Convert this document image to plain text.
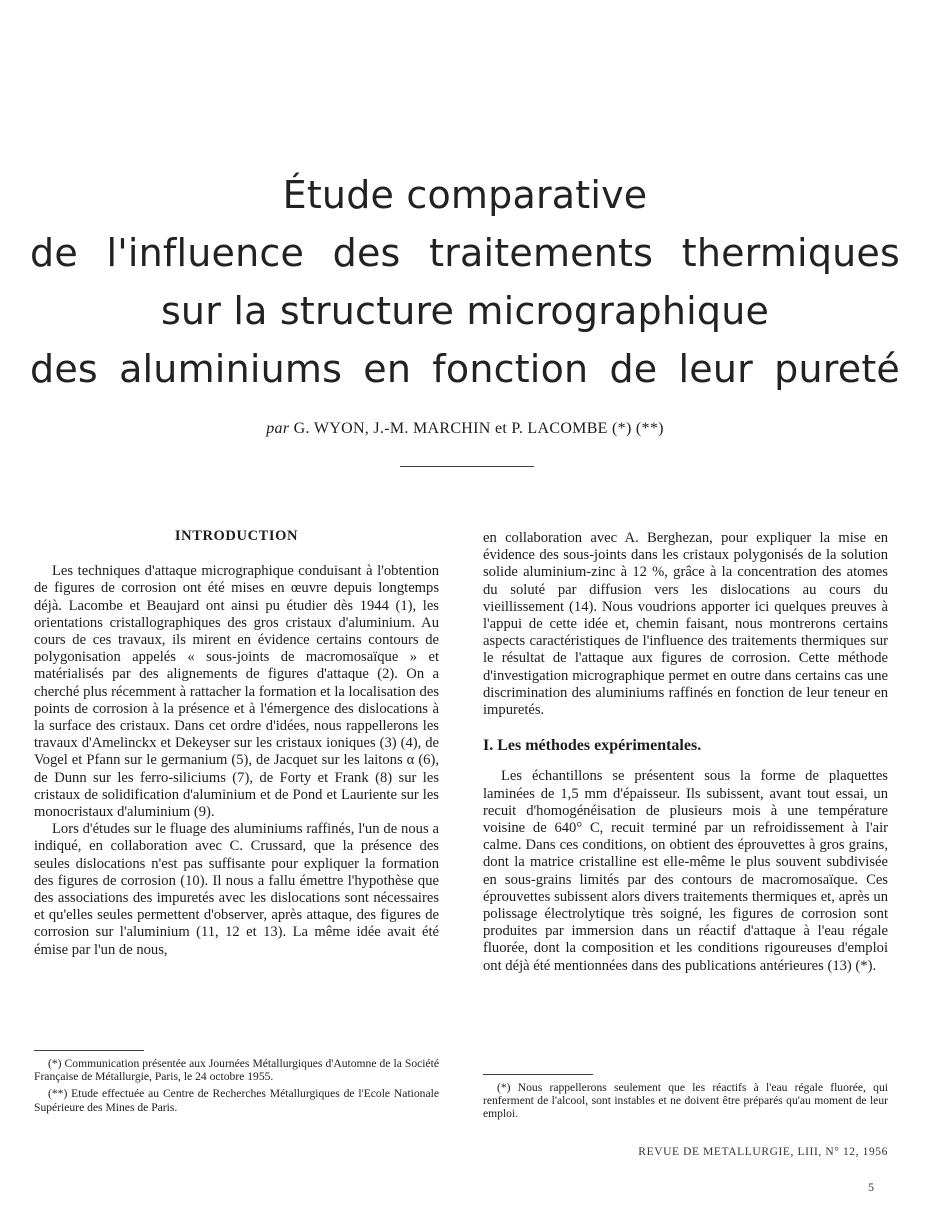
Étude comparative
de l'influence des traitements thermiques
sur la structure micrographique
des aluminiums en fonction de leur pureté
par G. WYON, J.-M. MARCHIN et P. LACOMBE (*) (**)
INTRODUCTION

Les techniques d'attaque micrographique conduisant à l'obtention de figures de corrosion ont été mises en œuvre depuis longtemps déjà. Lacombe et Beaujard ont ainsi pu étudier dès 1944 (1), les orientations cristallographiques des gros cristaux d'aluminium. Au cours de ces travaux, ils mirent en évidence certains contours de polygonisation appelés « sous-joints de macromosaïque » et matérialisés par des alignements de figures d'attaque (2). On a cherché plus récemment à rattacher la formation et la localisation des points de corrosion à la présence et à l'émergence des dislocations à la surface des cristaux. Dans cet ordre d'idées, nous rappellerons les travaux d'Amelinckx et Dekeyser sur les cristaux ioniques (3) (4), de Vogel et Pfann sur le germanium (5), de Jacquet sur les laitons α (6), de Dunn sur les ferro-siliciums (7), de Forty et Frank (8) sur les cristaux de solidification d'aluminium et de Pond et Lauriente sur les monocristaux d'aluminium (9).

Lors d'études sur le fluage des aluminiums raffinés, l'un de nous a indiqué, en collaboration avec C. Crussard, que la présence des seules dislocations n'est pas suffisante pour expliquer la formation des figures de corrosion (10). Il nous a fallu émettre l'hypothèse que des associations des impuretés avec les dislocations sont nécessaires et qu'elles seules permettent d'observer, après attaque, des figures de corrosion sur l'aluminium (11, 12 et 13). La même idée avait été émise par l'un de nous,

en collaboration avec A. Berghezan, pour expliquer la mise en évidence des sous-joints dans les cristaux polygonisés de la solution solide aluminium-zinc à 12 %, grâce à la concentration des atomes du soluté par diffusion vers les dislocations au cours du vieillissement (14). Nous voudrions apporter ici quelques preuves à l'appui de cette idée et, chemin faisant, nous montrerons certains aspects caractéristiques de l'influence des traitements thermiques sur le résultat de l'attaque aux figures de corrosion. Cette méthode d'investigation micrographique permet en outre dans certains cas une discrimination des aluminiums raffinés en fonction de leur teneur en impuretés.

I. Les méthodes expérimentales.

Les échantillons se présentent sous la forme de plaquettes laminées de 1,5 mm d'épaisseur. Ils subissent, avant tout essai, un recuit d'homogénéisation de plusieurs mois à une température voisine de 640° C, recuit terminé par un refroidissement à l'air calme. Dans ces conditions, on obtient des éprouvettes à gros grains, dont la matrice cristalline est elle-même le plus souvent subdivisée en sous-grains limités par des contours de macromosaïque. Ces éprouvettes subissent alors divers traitements thermiques et, après un polissage électrolytique très soigné, les figures de corrosion sont produites par immersion dans un réactif d'attaque à l'eau régale fluorée, dont la composition et les conditions rigoureuses d'emploi ont déjà été mentionnées dans des publications antérieures (13) (*).

(*) Communication présentée aux Journées Métallurgiques d'Automne de la Société Française de Métallurgie, Paris, le 24 octobre 1955.

(**) Etude effectuée au Centre de Recherches Métallurgiques de l'Ecole Nationale Supérieure des Mines de Paris.

(*) Nous rappellerons seulement que les réactifs à l'eau régale fluorée, qui renferment de l'alcool, sont instables et ne doivent être préparés qu'au moment de leur emploi.

REVUE DE METALLURGIE, LIII, N° 12, 1956
5
